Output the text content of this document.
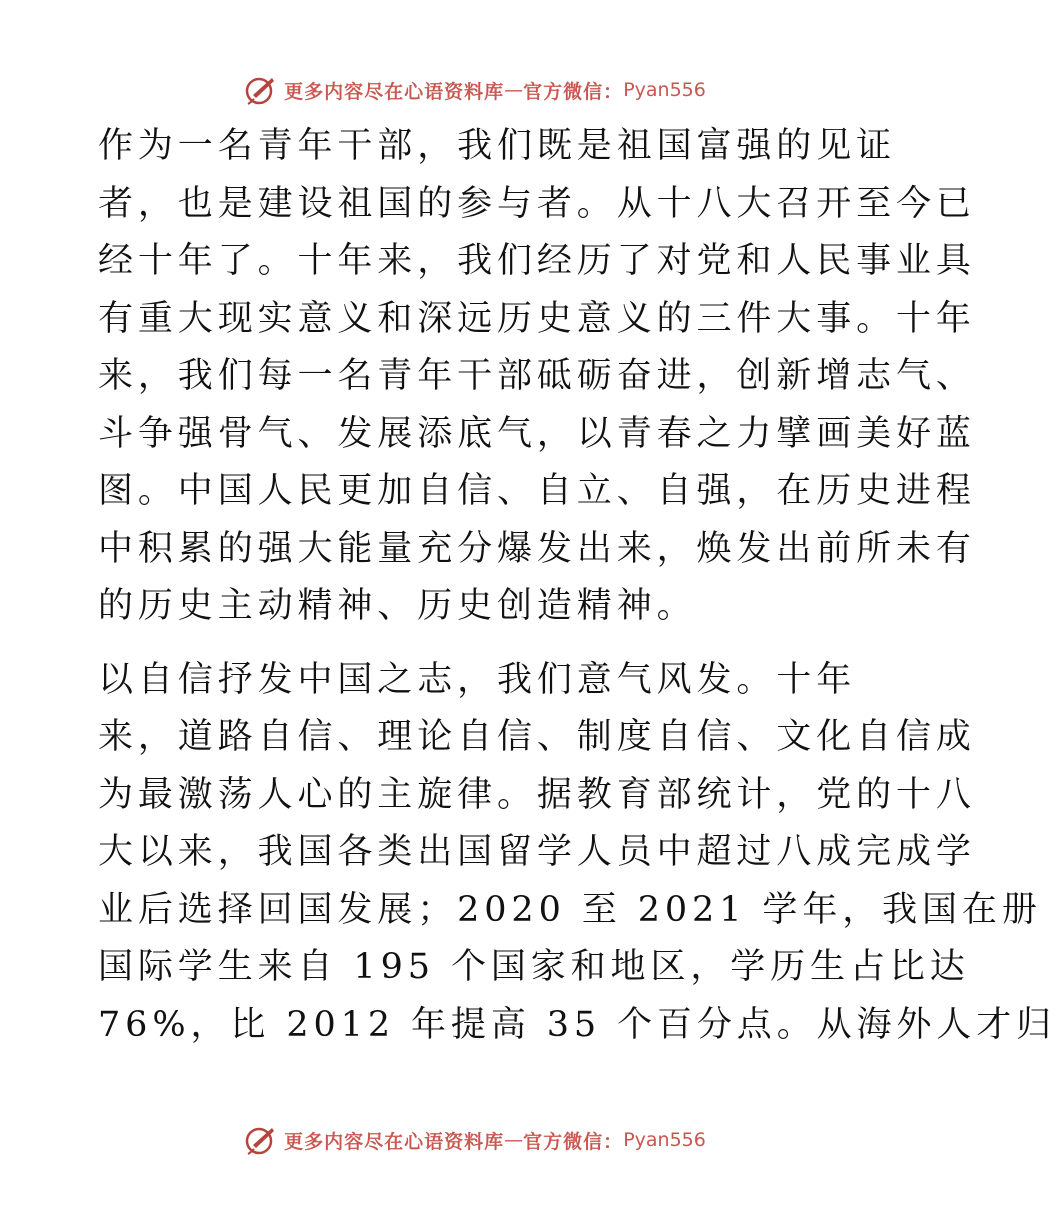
更多内容尽在心语资料库 — 官方微信： Pyan556
作为一名青年干部，我们既是祖国富强的见证
者，也是建设祖国的参与者。从十八大召开至今已
经十年了。十年来，我们经历了对党和人民事业具
有重大现实意义和深远历史意义的三件大事。十年
来，我们每一名青年干部砥砺奋进，创新增志气、
斗争强骨气、发展添底气，以青春之力擘画美好蓝
图。中国人民更加自信、自立、自强，在历史进程
中积累的强大能量充分爆发出来，焕发出前所未有
的历史主动精神、历史创造精神。
以自信抒发中国之志，我们意气风发。十年
来，道路自信、理论自信、制度自信、文化自信成
为最激荡人心的主旋律。据教育部统计，党的十八
大以来，我国各类出国留学人员中超过八成完成学
业后选择回国发展；2020 至 2021 学年，我国在册
国际学生来自 195 个国家和地区，学历生占比达
76%，比 2012 年提高 35 个百分点。从海外人才归
更多内容尽在心语资料库 — 官方微信： Pyan556
